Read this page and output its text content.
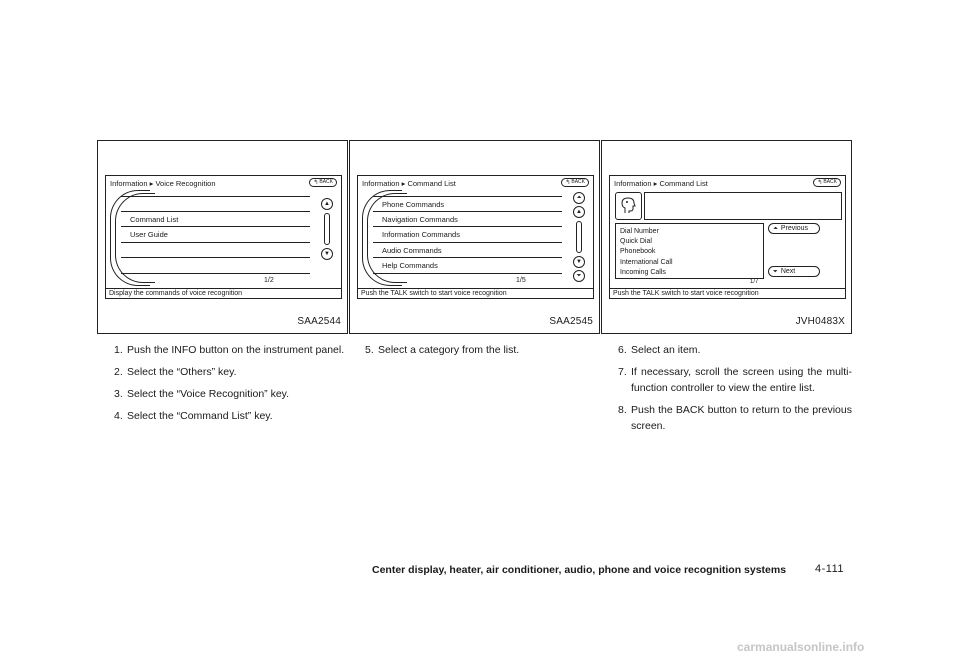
Information ▸ Voice Recognition	↰ BACK
Command List
User Guide
▲
▼
1/2
Display the commands of voice recognition
SAA2544
Information ▸ Command List	↰ BACK
Phone Commands
Navigation Commands
Information Commands
Audio Commands
Help Commands
⏶
▲
▼
⏷
1/5
Push the TALK switch to start voice recognition
SAA2545
Information ▸ Command List	↰ BACK
Dial Number
Quick Dial
Phonebook
International Call
Incoming Calls
⏶ Previous
⏷ Next
1/7
Push the TALK switch to start voice recognition
JVH0483X
1. Push the INFO button on the instrument panel.
2. Select the “Others” key.
3. Select the “Voice Recognition” key.
4. Select the “Command List” key.
5. Select a category from the list.	6. Select an item.
7. If necessary, scroll the screen using the multi-function controller to view the entire list.
8. Push the BACK button to return to the previous screen.
Center display, heater, air conditioner, audio, phone and voice recognition systems	4-111
carmanualsonline.info
